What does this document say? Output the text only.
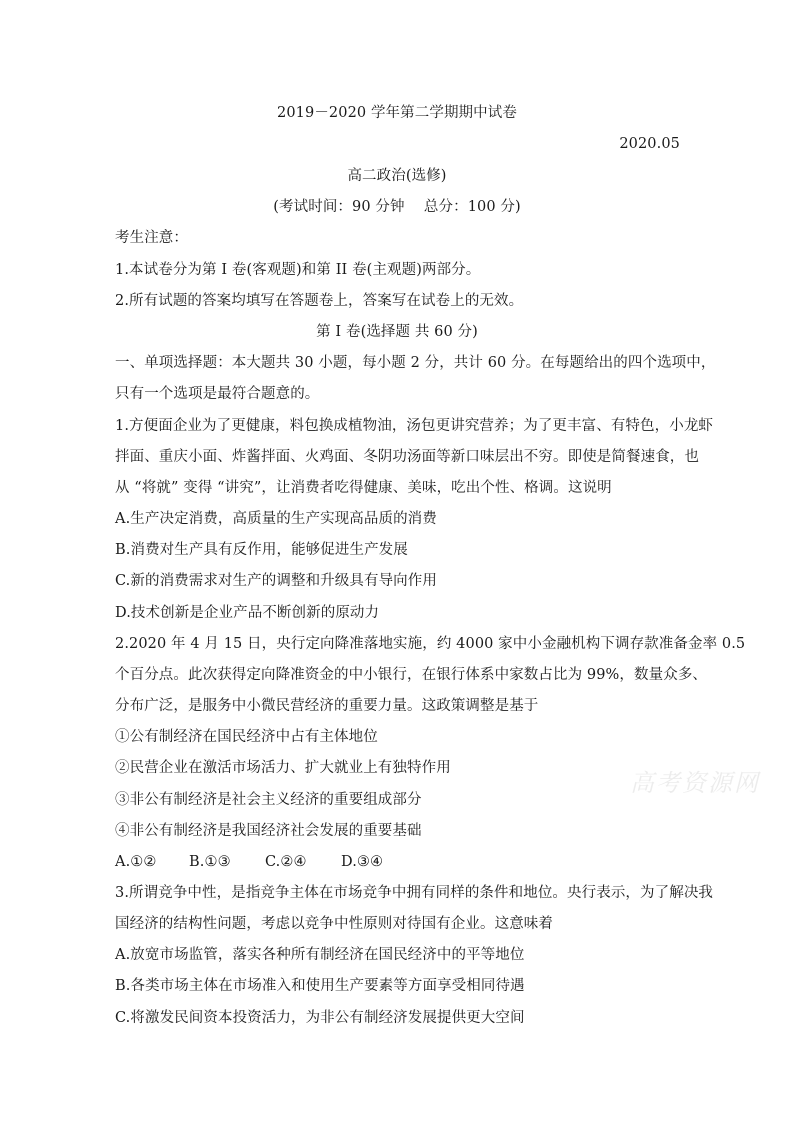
2019－2020 学年第二学期期中试卷
2020.05
高二政治(选修)
(考试时间：90 分钟　 总分：100 分)
考生注意：
1.本试卷分为第 I 卷(客观题)和第 II 卷(主观题)两部分。
2.所有试题的答案均填写在答题卷上，答案写在试卷上的无效。
第 I 卷(选择题 共 60 分)
一、单项选择题：本大题共 30 小题，每小题 2 分，共计 60 分。在每题给出的四个选项中，
只有一个选项是最符合题意的。
1.方便面企业为了更健康，料包换成植物油，汤包更讲究营养；为了更丰富、有特色，小龙虾
拌面、重庆小面、炸酱拌面、火鸡面、冬阴功汤面等新口味层出不穷。即使是简餐速食，也
从 “将就” 变得 “讲究”，让消费者吃得健康、美味，吃出个性、格调。这说明
A.生产决定消费，高质量的生产实现高品质的消费
B.消费对生产具有反作用，能够促进生产发展
C.新的消费需求对生产的调整和升级具有导向作用
D.技术创新是企业产品不断创新的原动力
2.2020 年 4 月 15 日，央行定向降准落地实施，约 4000 家中小金融机构下调存款准备金率 0.5
个百分点。此次获得定向降准资金的中小银行，在银行体系中家数占比为 99%，数量众多、
分布广泛，是服务中小微民营经济的重要力量。这政策调整是基于
①公有制经济在国民经济中占有主体地位
②民营企业在激活市场活力、扩大就业上有独特作用
③非公有制经济是社会主义经济的重要组成部分
④非公有制经济是我国经济社会发展的重要基础
A.①② B.①③ C.②④ D.③④
3.所谓竞争中性，是指竞争主体在市场竞争中拥有同样的条件和地位。央行表示，为了解决我
国经济的结构性问题，考虑以竞争中性原则对待国有企业。这意味着
A.放宽市场监管，落实各种所有制经济在国民经济中的平等地位
B.各类市场主体在市场准入和使用生产要素等方面享受相同待遇
C.将激发民间资本投资活力，为非公有制经济发展提供更大空间
高考资源网
